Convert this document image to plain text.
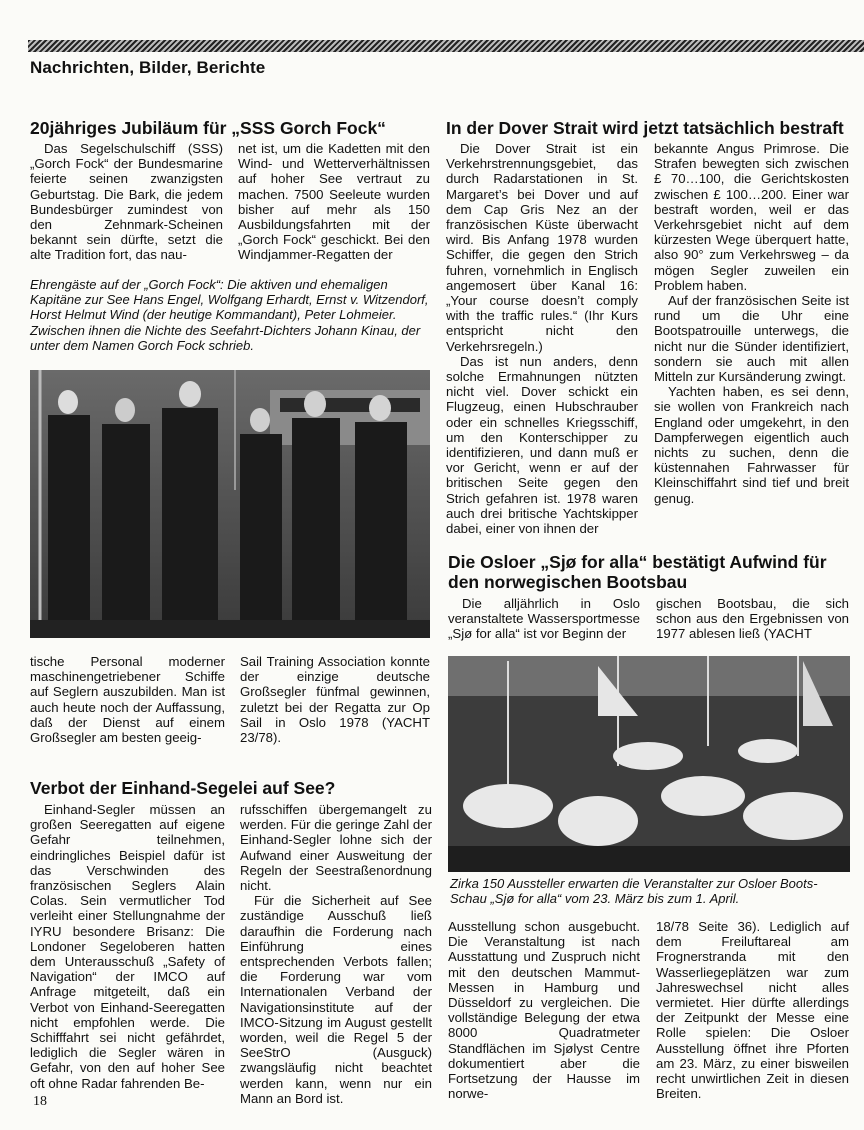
Nachrichten, Bilder, Berichte
20jähriges Jubiläum für „SSS Gorch Fock“

Das Segelschulschiff (SSS) „Gorch Fock“ der Bundesmarine feierte seinen zwanzigsten Geburtstag. Die Bark, die jedem Bundesbürger zumindest von den Zehnmark-Scheinen bekannt sein dürfte, setzt die alte Tradition fort, das nau-

net ist, um die Kadetten mit den Wind- und Wetterverhältnissen auf hoher See vertraut zu machen. 7500 Seeleute wurden bisher auf mehr als 150 Ausbildungsfahrten mit der „Gorch Fock“ geschickt. Bei den Windjammer-Regatten der

Ehrengäste auf der „Gorch Fock“: Die aktiven und ehemaligen Kapitäne zur See Hans Engel, Wolfgang Erhardt, Ernst v. Witzendorf, Horst Helmut Wind (der heutige Kommandant), Peter Lohmeier. Zwischen ihnen die Nichte des Seefahrt-Dichters Johann Kinau, der unter dem Namen Gorch Fock schrieb.

tische Personal moderner maschinengetriebener Schiffe auf Seglern auszubilden. Man ist auch heute noch der Auffassung, daß der Dienst auf einem Großsegler am besten geeig-

Sail Training Association konnte der einzige deutsche Großsegler fünfmal gewinnen, zuletzt bei der Regatta zur Op Sail in Oslo 1978 (YACHT 23/78).

Verbot der Einhand-Segelei auf See?

Einhand-Segler müssen an großen Seeregatten auf eigene Gefahr teilnehmen, eindringliches Beispiel dafür ist das Verschwinden des französischen Seglers Alain Colas. Sein vermutlicher Tod verleiht einer Stellungnahme der IYRU besondere Brisanz: Die Londoner Segeloberen hatten dem Unterausschuß „Safety of Navigation“ der IMCO auf Anfrage mitgeteilt, daß ein Verbot von Einhand-Seeregatten nicht empfohlen werde. Die Schifffahrt sei nicht gefährdet, lediglich die Segler wären in Gefahr, von den auf hoher See oft ohne Radar fahrenden Be-

rufsschiffen übergemangelt zu werden. Für die geringe Zahl der Einhand-Segler lohne sich der Aufwand einer Ausweitung der Regeln der Seestraßenordnung nicht.

Für die Sicherheit auf See zuständige Ausschuß ließ daraufhin die Forderung nach Einführung eines entsprechenden Verbots fallen; die Forderung war vom Internationalen Verband der Navigationsinstitute auf der IMCO-Sitzung im August gestellt worden, weil die Regel 5 der SeeStrO (Ausguck) zwangsläufig nicht beachtet werden kann, wenn nur ein Mann an Bord ist.

In der Dover Strait wird jetzt tatsächlich bestraft

Die Dover Strait ist ein Verkehrstrennungsgebiet, das durch Radarstationen in St. Margaret’s bei Dover und auf dem Cap Gris Nez an der französischen Küste überwacht wird. Bis Anfang 1978 wurden Schiffer, die gegen den Strich fuhren, vornehmlich in Englisch angemosert über Kanal 16: „Your course doesn’t comply with the traffic rules.“ (Ihr Kurs entspricht nicht den Verkehrsregeln.)

Das ist nun anders, denn solche Ermahnungen nützten nicht viel. Dover schickt ein Flugzeug, einen Hubschrauber oder ein schnelles Kriegsschiff, um den Konterschipper zu identifizieren, und dann muß er vor Gericht, wenn er auf der britischen Seite gegen den Strich gefahren ist. 1978 waren auch drei britische Yachtskipper dabei, einer von ihnen der

bekannte Angus Primrose. Die Strafen bewegten sich zwischen £ 70…100, die Gerichtskosten zwischen £ 100…200. Einer war bestraft worden, weil er das Verkehrsgebiet nicht auf dem kürzesten Wege überquert hatte, also 90° zum Verkehrsweg – da mögen Segler zuweilen ein Problem haben.

Auf der französischen Seite ist rund um die Uhr eine Bootspatrouille unterwegs, die nicht nur die Sünder identifiziert, sondern sie auch mit allen Mitteln zur Kursänderung zwingt.

Yachten haben, es sei denn, sie wollen von Frankreich nach England oder umgekehrt, in den Dampferwegen eigentlich auch nichts zu suchen, denn die küstennahen Fahrwasser für Kleinschiffahrt sind tief und breit genug.

Die Osloer „Sjø for alla“ bestätigt Aufwind für den norwegischen Bootsbau

Die alljährlich in Oslo veranstaltete Wassersportmesse „Sjø for alla“ ist vor Beginn der

gischen Bootsbau, die sich schon aus den Ergebnissen von 1977 ablesen ließ (YACHT

Zirka 150 Aussteller erwarten die Veranstalter zur Osloer Boots-Schau „Sjø for alla“ vom 23. März bis zum 1. April.

Ausstellung schon ausgebucht. Die Veranstaltung ist nach Ausstattung und Zuspruch nicht mit den deutschen Mammut-Messen in Hamburg und Düsseldorf zu vergleichen. Die vollständige Belegung der etwa 8000 Quadratmeter Standflächen im Sjølyst Centre dokumentiert aber die Fortsetzung der Hausse im norwe-

18/78 Seite 36). Lediglich auf dem Freiluftareal am Frognerstranda mit den Wasserliegeplätzen war zum Jahreswechsel nicht alles vermietet. Hier dürfte allerdings der Zeitpunkt der Messe eine Rolle spielen: Die Osloer Ausstellung öffnet ihre Pforten am 23. März, zu einer bisweilen recht unwirtlichen Zeit in diesen Breiten.

18
